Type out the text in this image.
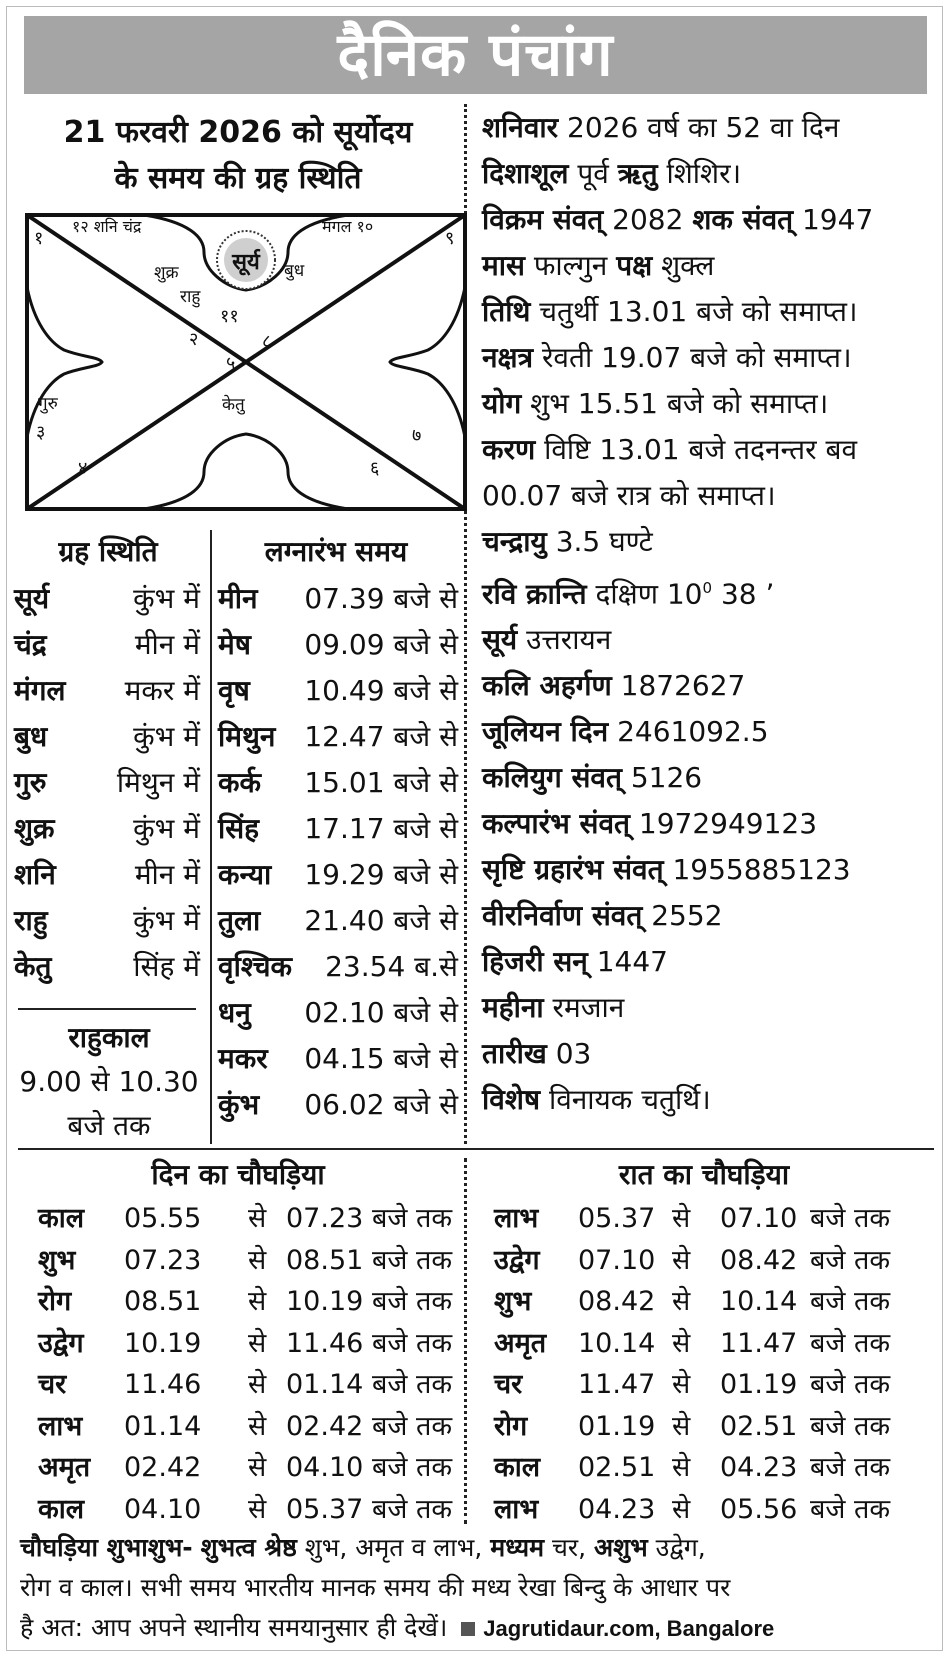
दैनिक पंचांग
21 फरवरी 2026 को सूर्योदय
के समय की ग्रह स्थिति
सूर्य
१२ शनि चंद्र	मंगल १०
१	९
शुक्र	बुध
राहु
११
२	८
५
केतु
गुरु
३	७
४	६
शनिवार 2026 वर्ष का 52 वा दिन
दिशाशूल पूर्व ऋतु शिशिर।
विक्रम संवत् 2082 शक संवत् 1947
मास फाल्गुन पक्ष शुक्ल
तिथि चतुर्थी 13.01 बजे को समाप्त।
नक्षत्र रेवती 19.07 बजे को समाप्त।
योग शुभ 15.51 बजे को समाप्त।
करण विष्टि 13.01 बजे तदनन्तर बव
00.07 बजे रात्र को समाप्त।
चन्द्रायु 3.5 घण्टे
रवि क्रान्ति दक्षिण $10^0$ 38 ’
सूर्य उत्तरायन
कलि अहर्गण 1872627
जूलियन दिन 2461092.5
कलियुग संवत् 5126
कल्पारंभ संवत् 1972949123
सृष्टि ग्रहारंभ संवत् 1955885123
वीरनिर्वाण संवत् 2552
हिजरी सन् 1447
महीना रमजान
तारीख 03
विशेष विनायक चतुर्थि।
ग्रह स्थिति
सूर्य	कुंभ में
चंद्र	मीन में
मंगल मकर में
बुध	कुंभ में
गुरु	मिथुन में
शुक्र	कुंभ में
शनि	मीन में
राहु	कुंभ में
केतु	सिंह में
राहुकाल
9.00 से 10.30
बजे तक
लग्नारंभ समय
मीन 07.39 बजे से
मेष 09.09 बजे से
वृष 10.49 बजे से
मिथुन 12.47 बजे से
कर्क 15.01 बजे से
सिंह 17.17 बजे से
कन्या 19.29 बजे से
तुला 21.40 बजे से
वृश्चिक 23.54 ब.से
धनु 02.10 बजे से
मकर 04.15 बजे से
कुंभ 06.02 बजे से
दिन का चौघड़िया
काल 05.55 से 07.23 बजे तक
शुभ 07.23 से 08.51 बजे तक
रोग 08.51 से 10.19 बजे तक
उद्वेग 10.19 से 11.46 बजे तक
चर 11.46 से 01.14 बजे तक
लाभ 01.14 से 02.42 बजे तक
अमृत 02.42 से 04.10 बजे तक
काल 04.10 से 05.37 बजे तक
रात का चौघड़िया
लाभ 05.37 से 07.10 बजे तक
उद्वेग 07.10 से 08.42 बजे तक
शुभ 08.42 से 10.14 बजे तक
अमृत 10.14 से 11.47 बजे तक
चर 11.47 से 01.19 बजे तक
रोग 01.19 से 02.51 बजे तक
काल 02.51 से 04.23 बजे तक
लाभ 04.23 से 05.56 बजे तक
चौघड़िया शुभाशुभ- शुभत्व श्रेष्ठ शुभ, अमृत व लाभ, मध्यम चर, अशुभ उद्वेग,
रोग व काल। सभी समय भारतीय मानक समय की मध्य रेखा बिन्दु के आधार पर
है अत: आप अपने स्थानीय समयानुसार ही देखें। Jagrutidaur.com, Bangalore
